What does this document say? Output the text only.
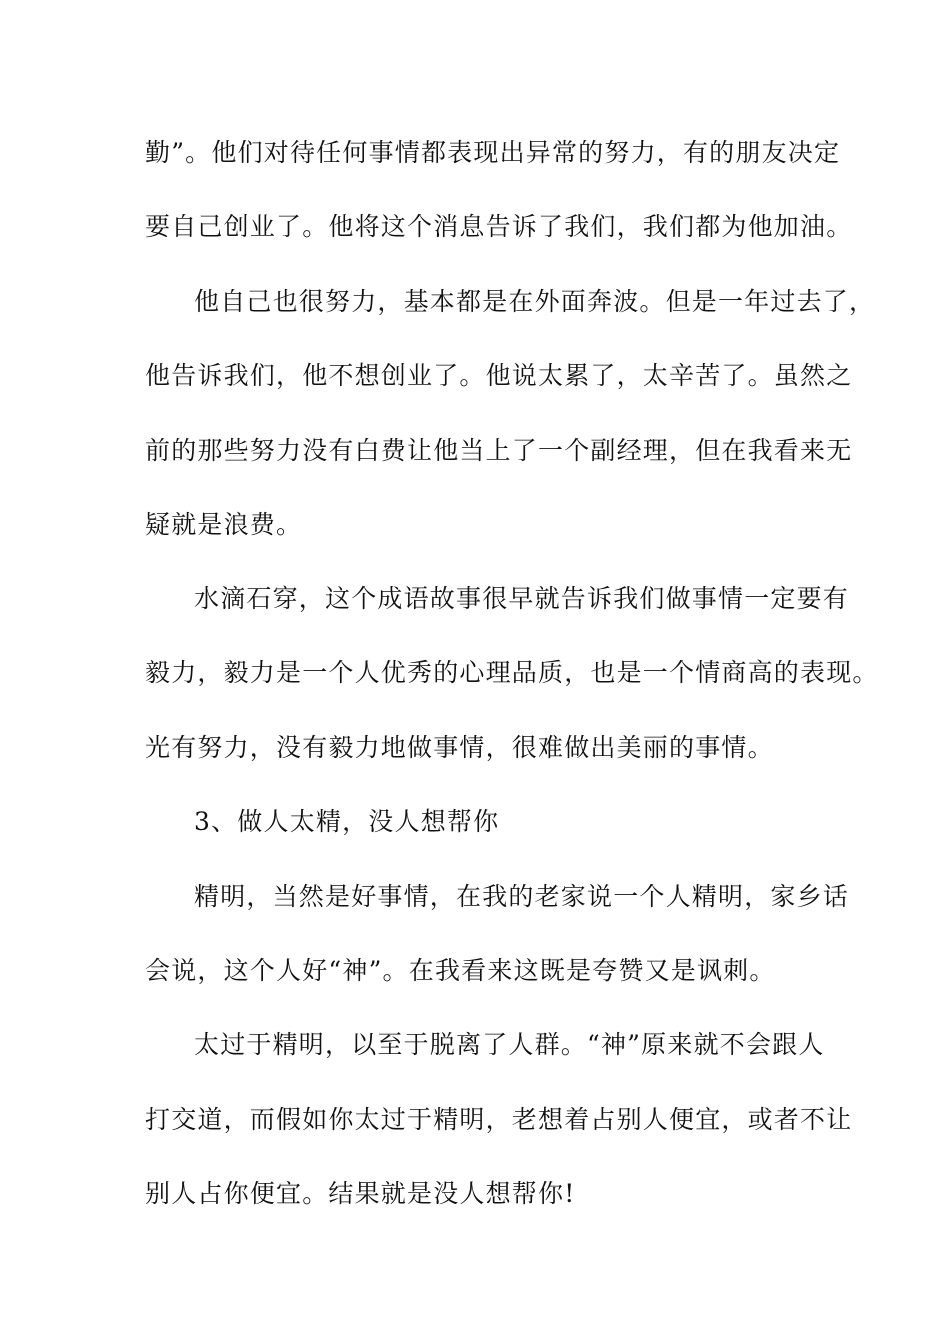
勤”。他们对待任何事情都表现出异常的努力，有的朋友决定
要自己创业了。他将这个消息告诉了我们，我们都为他加油。
他自己也很努力，基本都是在外面奔波。但是一年过去了，
他告诉我们，他不想创业了。他说太累了，太辛苦了。虽然之
前的那些努力没有白费让他当上了一个副经理，但在我看来无
疑就是浪费。
水滴石穿，这个成语故事很早就告诉我们做事情一定要有
毅力，毅力是一个人优秀的心理品质，也是一个情商高的表现。
光有努力，没有毅力地做事情，很难做出美丽的事情。
3、做人太精，没人想帮你
精明，当然是好事情，在我的老家说一个人精明，家乡话
会说，这个人好“神”。在我看来这既是夸赞又是讽刺。
太过于精明，以至于脱离了人群。“神”原来就不会跟人
打交道，而假如你太过于精明，老想着占别人便宜，或者不让
别人占你便宜。结果就是没人想帮你!
